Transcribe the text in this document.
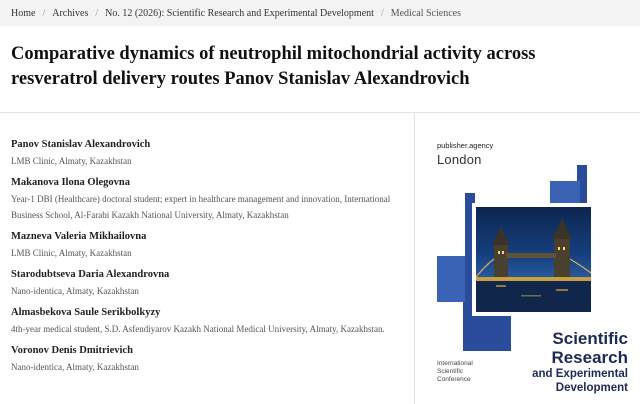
Home / Archives / No. 12 (2026): Scientific Research and Experimental Development / Medical Sciences
Comparative dynamics of neutrophil mitochondrial activity across resveratrol delivery routes Panov Stanislav Alexandrovich
Panov Stanislav Alexandrovich
LMB Clinic, Almaty, Kazakhstan
Makanova Ilona Olegovna
Year-1 DBI (Healthcare) doctoral student; expert in healthcare management and innovation, International Business School, Al-Farabi Kazakh National University, Almaty, Kazakhstan
Mazneva Valeria Mikhailovna
LMB Clinic, Almaty, Kazakhstan
Starodubtseva Daria Alexandrovna
Nano-identica, Almaty, Kazakhstan
Almasbekova Saule Serikbolkyzy
4th-year medical student, S.D. Asfendiyarov Kazakh National Medical University, Almaty, Kazakhstan.
Voronov Denis Dmitrievich
Nano-identica, Almaty, Kazakhstan
publisher.agency
London
International
Scientific
Conference
Scientific
Research
and Experimental
Development
